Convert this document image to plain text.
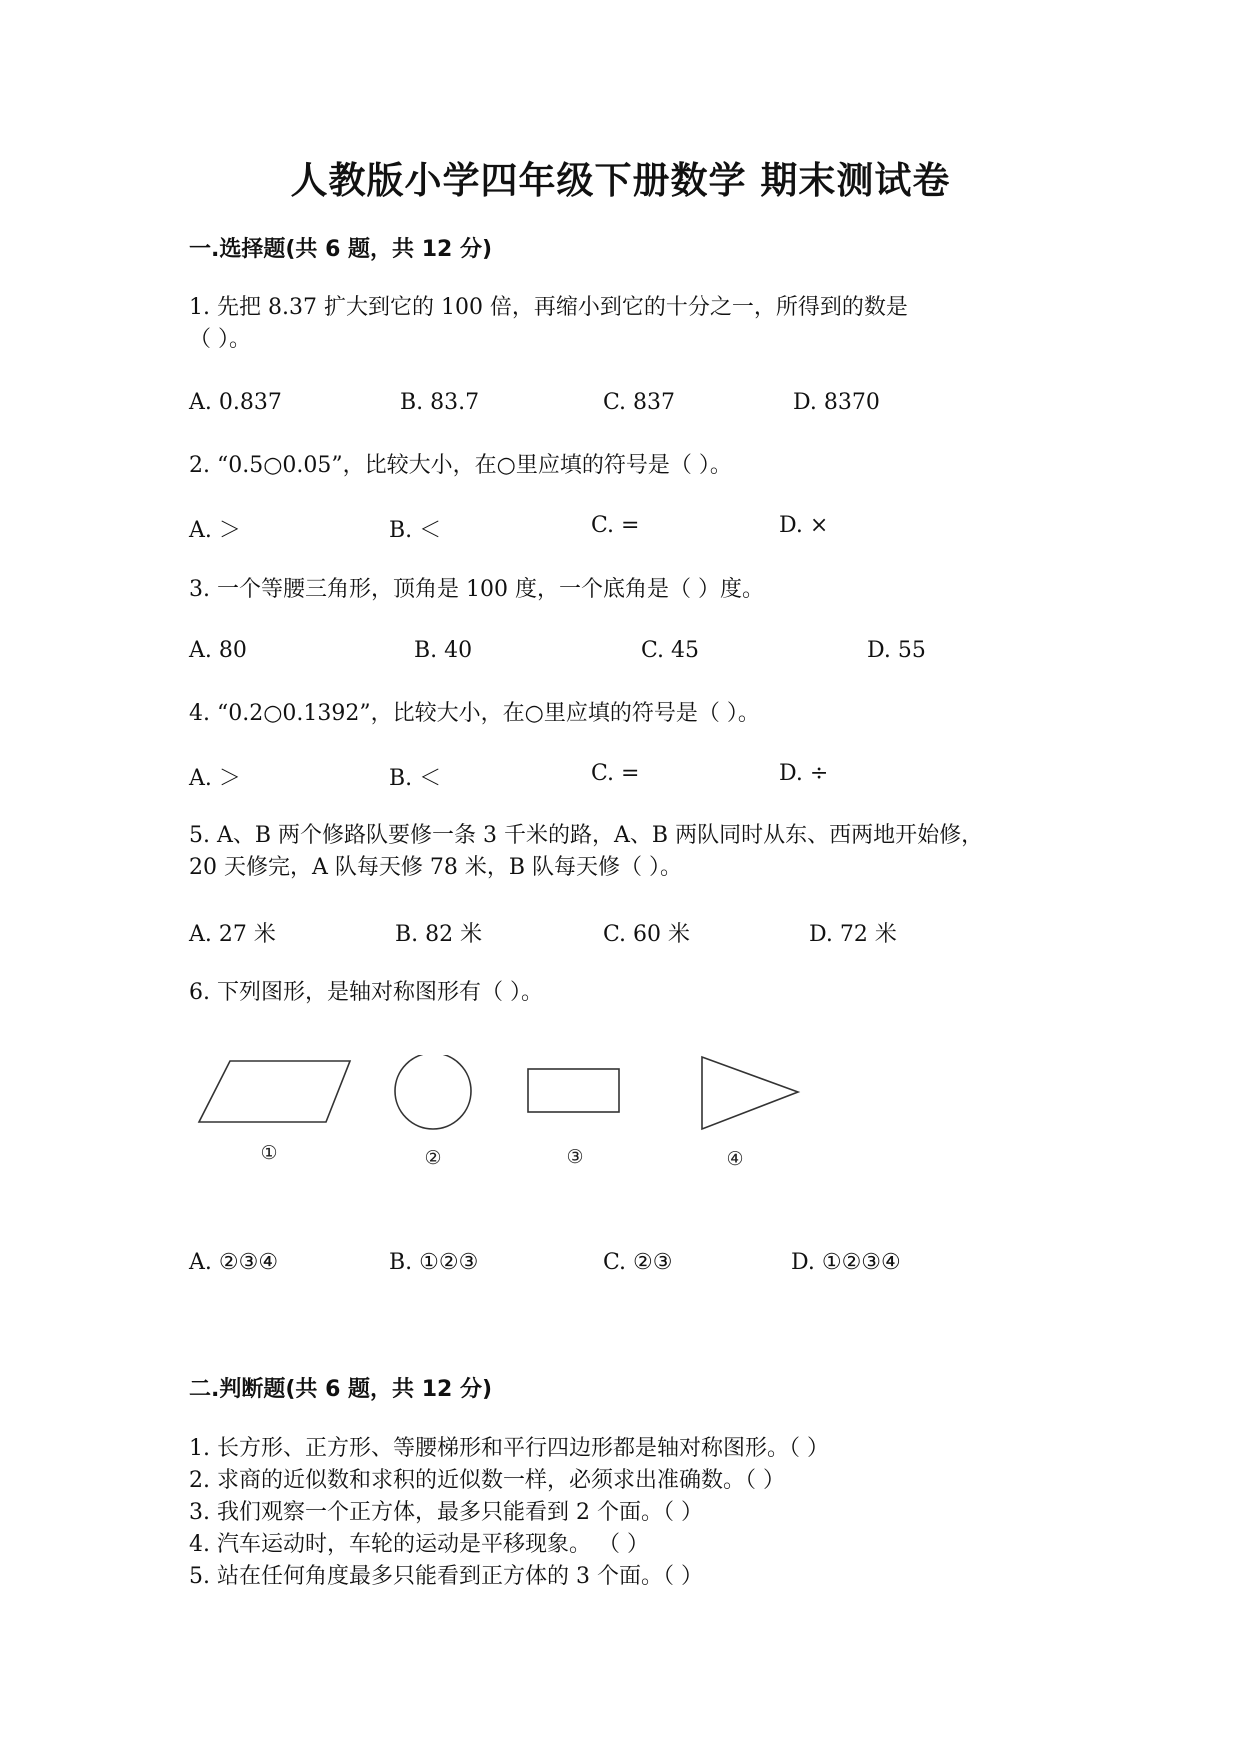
人教版小学四年级下册数学 期末测试卷
一.选择题(共 6 题，共 12 分)
1. 先把 8.37 扩大到它的 100 倍，再缩小到它的十分之一，所得到的数是
（ ）。
A. 0.837	B. 83.7	C. 837	D. 8370
2. “0.5○0.05”，比较大小，在○里应填的符号是（ ）。
A. ＞	B. ＜	C. =	D. ×
3. 一个等腰三角形，顶角是 100 度，一个底角是（ ）度。
A. 80	B. 40	C. 45	D. 55
4. “0.2○0.1392”，比较大小，在○里应填的符号是（ ）。
A. ＞	B. ＜	C. =	D. ÷
5. A、B 两个修路队要修一条 3 千米的路，A、B 两队同时从东、西两地开始修，
20 天修完，A 队每天修 78 米，B 队每天修（ ）。
A. 27 米	B. 82 米	C. 60 米	D. 72 米
6. 下列图形，是轴对称图形有（ ）。
①	②	③	④
A. ②③④	B. ①②③	C. ②③	D. ①②③④
二.判断题(共 6 题，共 12 分)
1. 长方形、正方形、等腰梯形和平行四边形都是轴对称图形。（ ）
2. 求商的近似数和求积的近似数一样，必须求出准确数。（ ）
3. 我们观察一个正方体，最多只能看到 2 个面。（ ）
4. 汽车运动时，车轮的运动是平移现象。 （ ）
5. 站在任何角度最多只能看到正方体的 3 个面。（ ）
